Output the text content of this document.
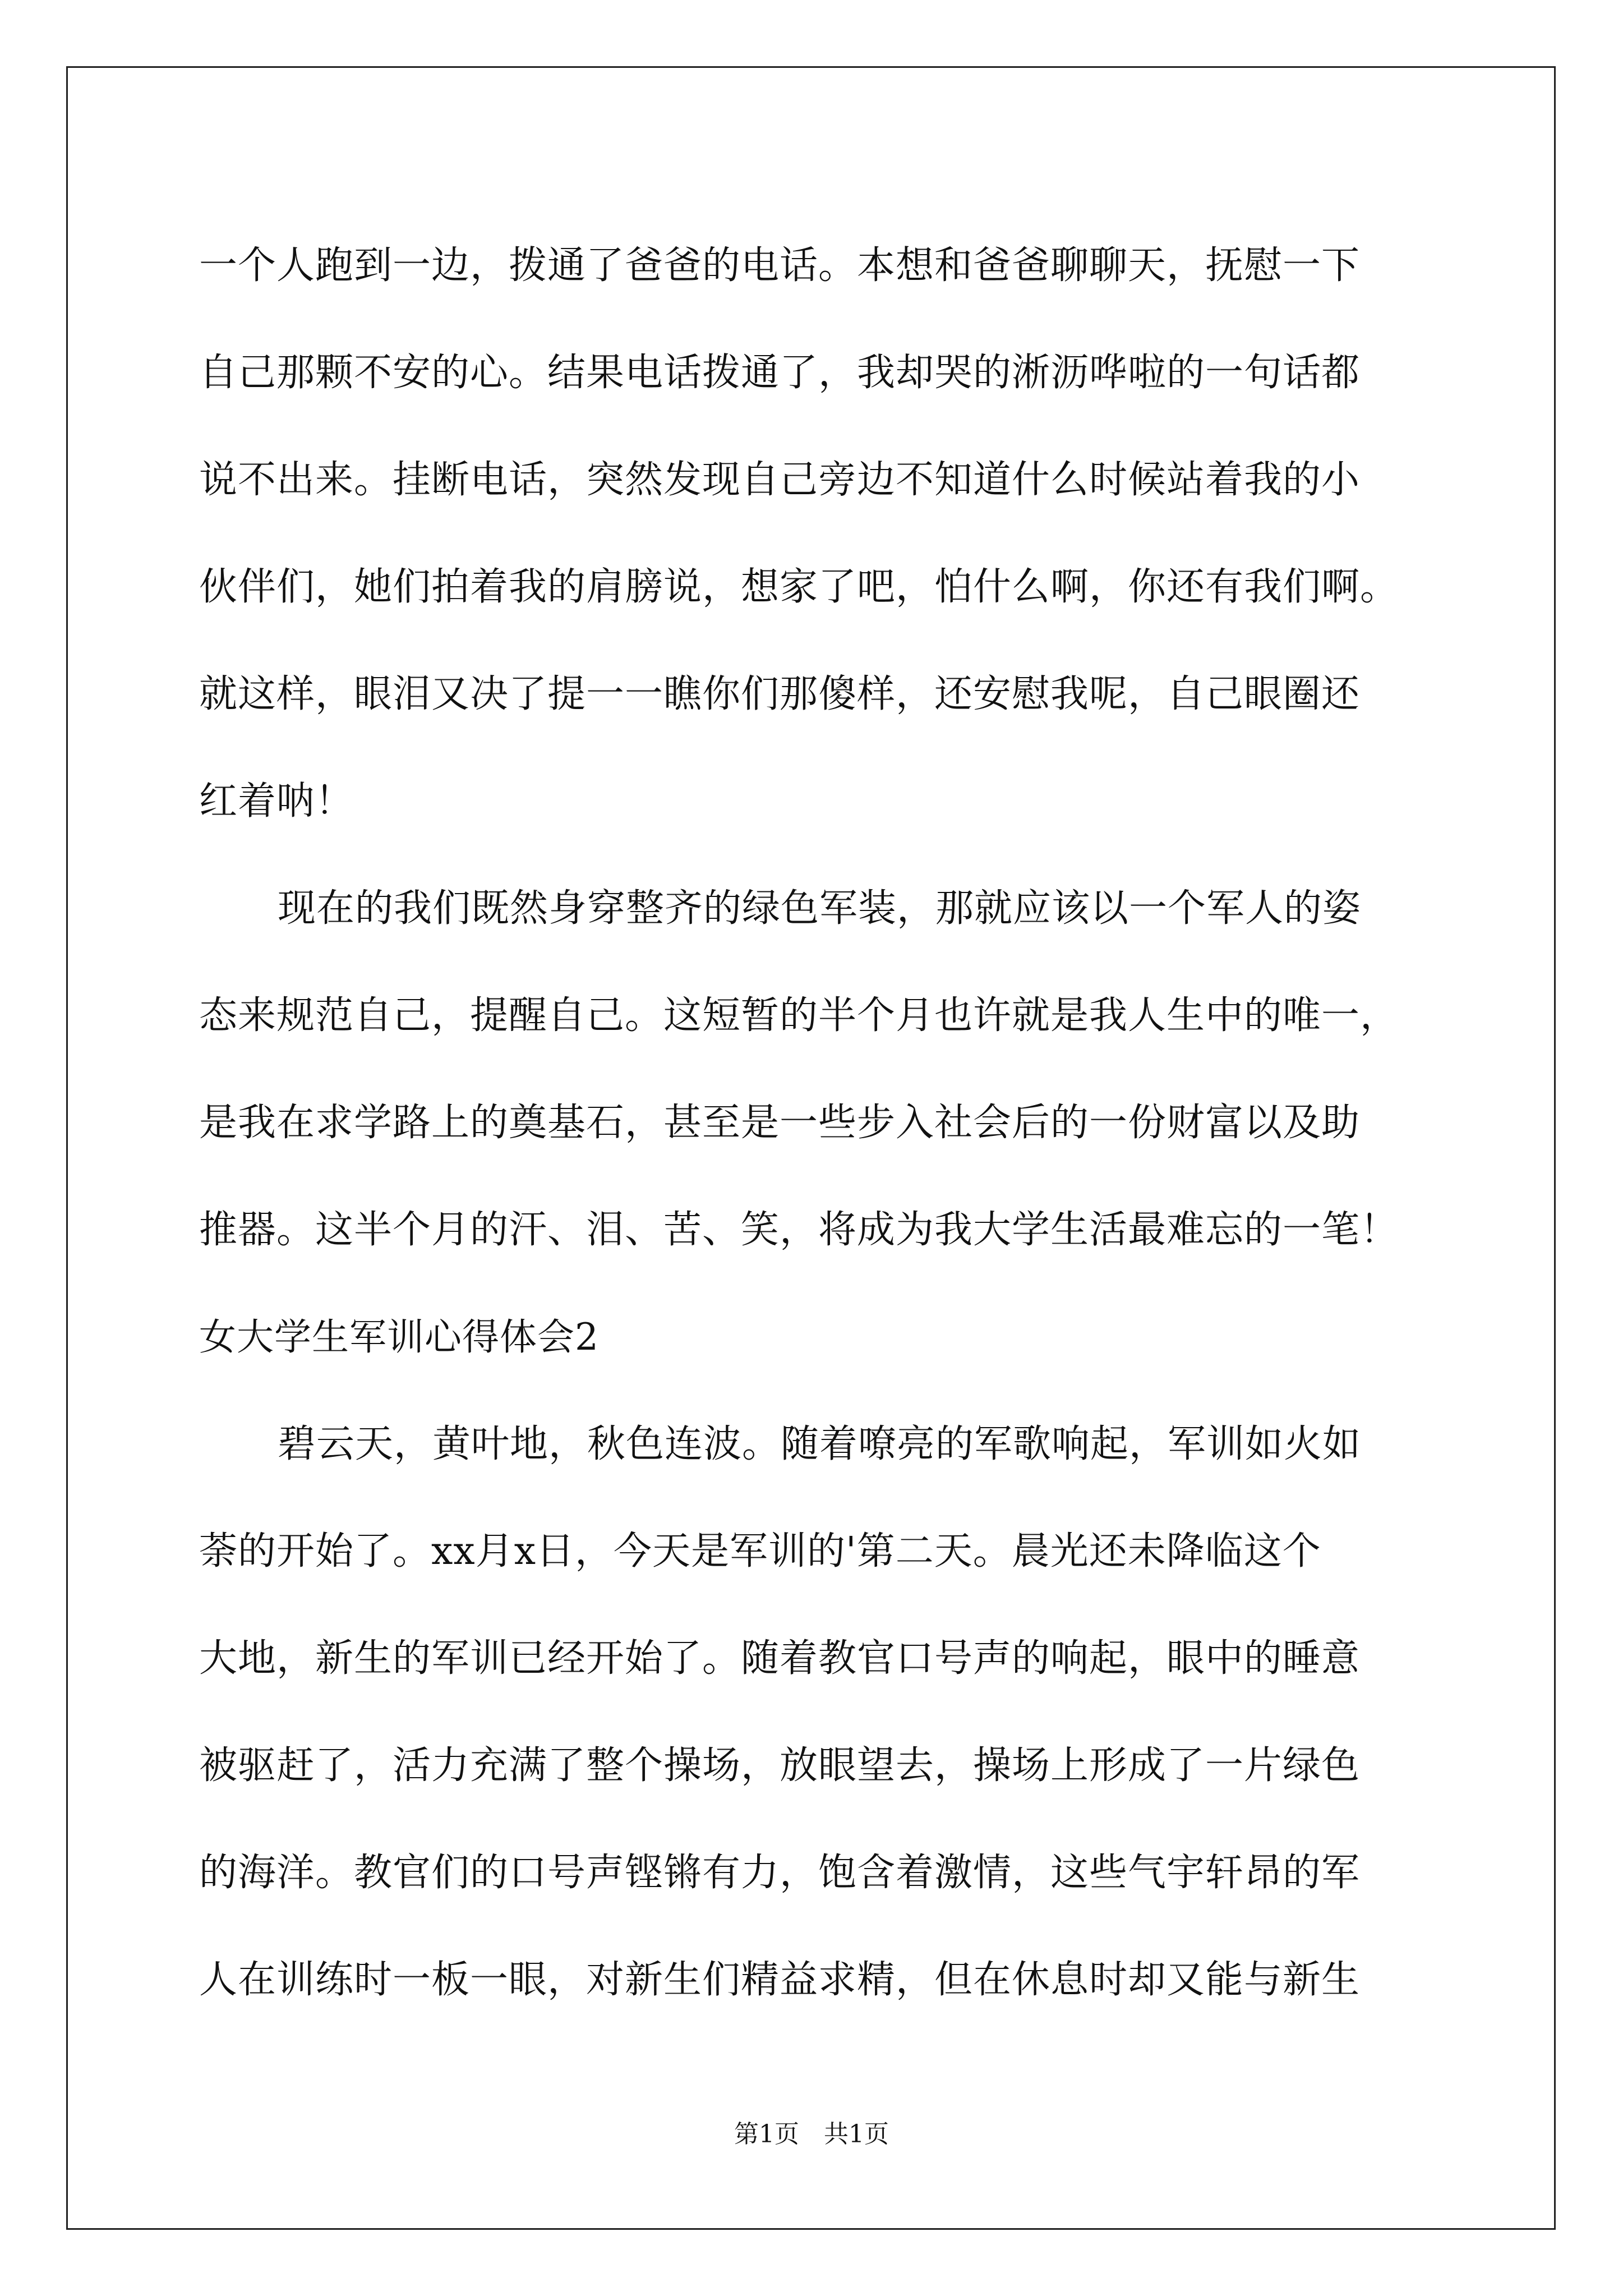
一个人跑到一边，拨通了爸爸的电话。本想和爸爸聊聊天，抚慰一下
自己那颗不安的心。结果电话拨通了，我却哭的淅沥哗啦的一句话都
说不出来。挂断电话，突然发现自己旁边不知道什么时候站着我的小
伙伴们，她们拍着我的肩膀说，想家了吧，怕什么啊，你还有我们啊。
就这样，眼泪又决了提一一瞧你们那傻样，还安慰我呢，自己眼圈还
红着呐！
现在的我们既然身穿整齐的绿色军装，那就应该以一个军人的姿
态来规范自己，提醒自己。这短暂的半个月也许就是我人生中的唯一，
是我在求学路上的奠基石，甚至是一些步入社会后的一份财富以及助
推器。这半个月的汗、泪、苦、笑，将成为我大学生活最难忘的一笔！
女大学生军训心得体会2
碧云天，黄叶地，秋色连波。随着嘹亮的军歌响起，军训如火如
荼的开始了。xx月x日，今天是军训的'第二天。晨光还未降临这个
大地，新生的军训已经开始了。随着教官口号声的响起，眼中的睡意
被驱赶了，活力充满了整个操场，放眼望去，操场上形成了一片绿色
的海洋。教官们的口号声铿锵有力，饱含着激情，这些气宇轩昂的军
人在训练时一板一眼，对新生们精益求精，但在休息时却又能与新生
第1页　共1页
